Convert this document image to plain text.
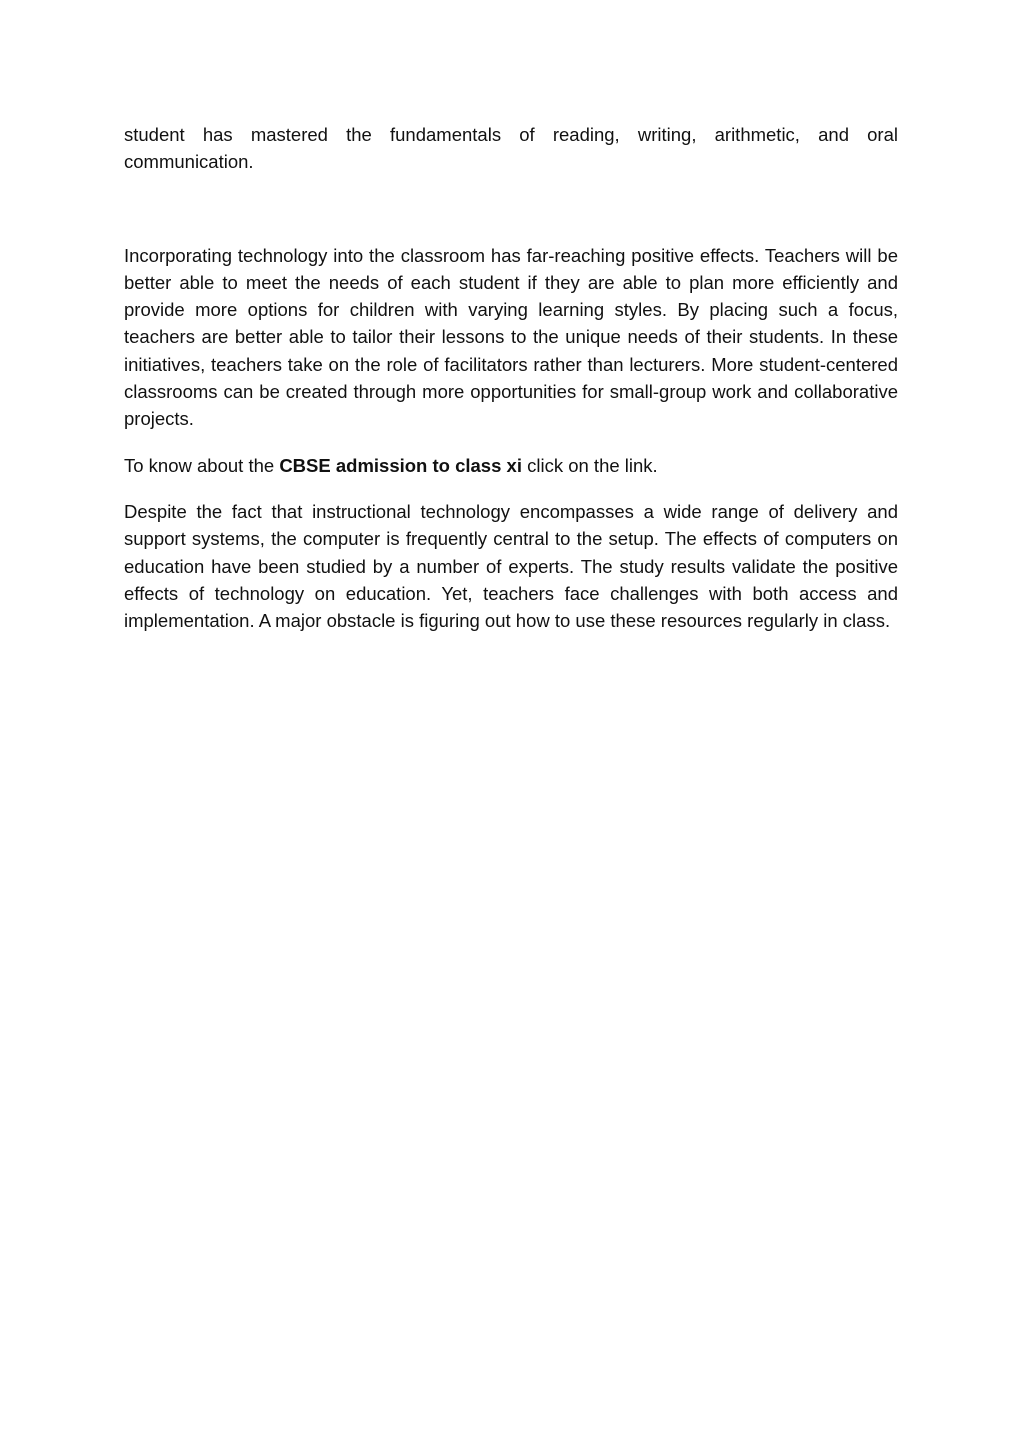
student has mastered the fundamentals of reading, writing, arithmetic, and oral communication.

Incorporating technology into the classroom has far-reaching positive effects. Teachers will be better able to meet the needs of each student if they are able to plan more efficiently and provide more options for children with varying learning styles. By placing such a focus, teachers are better able to tailor their lessons to the unique needs of their students. In these initiatives, teachers take on the role of facilitators rather than lecturers. More student-centered classrooms can be created through more opportunities for small-group work and collaborative projects.

To know about the CBSE admission to class xi click on the link.

Despite the fact that instructional technology encompasses a wide range of delivery and support systems, the computer is frequently central to the setup. The effects of computers on education have been studied by a number of experts. The study results validate the positive effects of technology on education. Yet, teachers face challenges with both access and implementation. A major obstacle is figuring out how to use these resources regularly in class.
